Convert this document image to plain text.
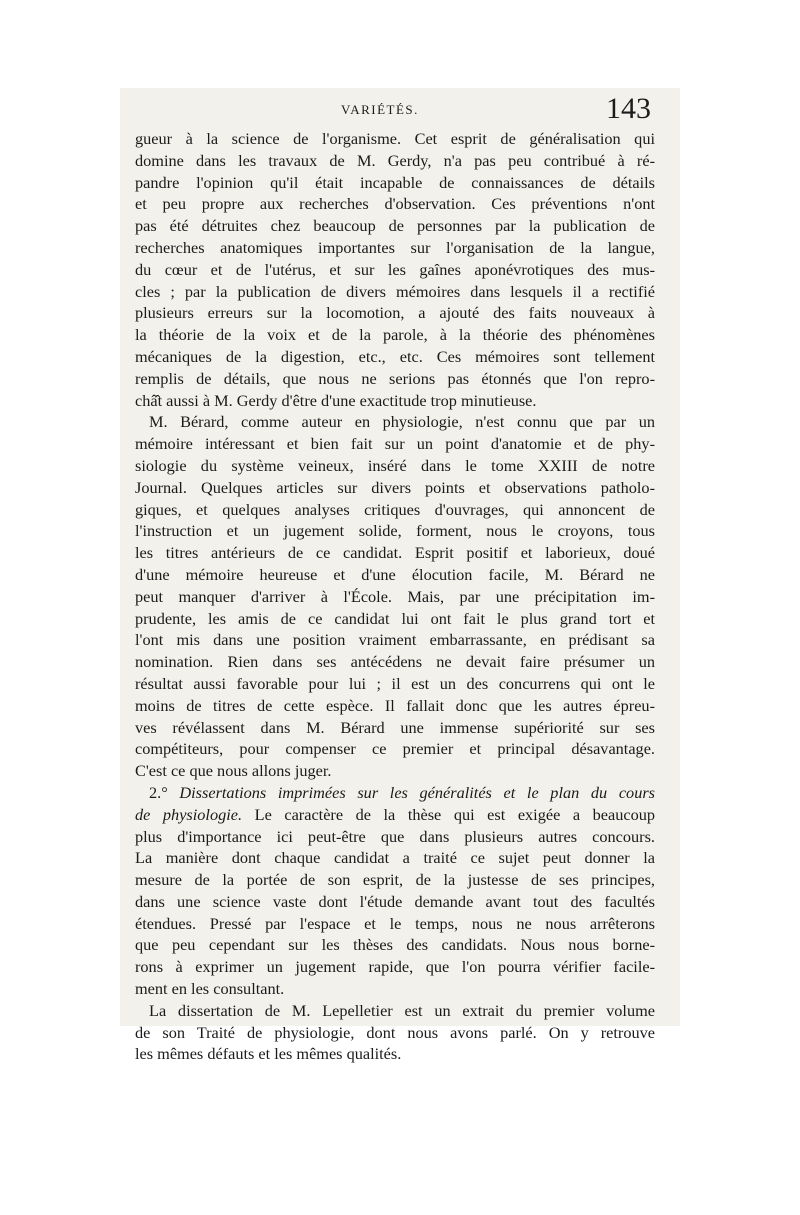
VARIÉTÉS.	143
gueur à la science de l'organisme. Cet esprit de généralisation qui
domine dans les travaux de M. Gerdy, n'a pas peu contribué à ré-
pandre l'opinion qu'il était incapable de connaissances de détails
et peu propre aux recherches d'observation. Ces préventions n'ont
pas été détruites chez beaucoup de personnes par la publication de
recherches anatomiques importantes sur l'organisation de la langue,
du cœur et de l'utérus, et sur les gaînes aponévrotiques des mus-
cles ; par la publication de divers mémoires dans lesquels il a rectifié
plusieurs erreurs sur la locomotion, a ajouté des faits nouveaux à
la théorie de la voix et de la parole, à la théorie des phénomènes
mécaniques de la digestion, etc., etc. Ces mémoires sont tellement
remplis de détails, que nous ne serions pas étonnés que l'on repro-
châ̂t aussi à M. Gerdy d'être d'une exactitude trop minutieuse.
M. Bérard, comme auteur en physiologie, n'est connu que par un
mémoire intéressant et bien fait sur un point d'anatomie et de phy-
siologie du système veineux, inséré dans le tome XXIII de notre
Journal. Quelques articles sur divers points et observations patholo-
giques, et quelques analyses critiques d'ouvrages, qui annoncent de
l'instruction et un jugement solide, forment, nous le croyons, tous
les titres antérieurs de ce candidat. Esprit positif et laborieux, doué
d'une mémoire heureuse et d'une élocution facile, M. Bérard ne
peut manquer d'arriver à l'École. Mais, par une précipitation im-
prudente, les amis de ce candidat lui ont fait le plus grand tort et
l'ont mis dans une position vraiment embarrassante, en prédisant sa
nomination. Rien dans ses antécédens ne devait faire présumer un
résultat aussi favorable pour lui ; il est un des concurrens qui ont le
moins de titres de cette espèce. Il fallait donc que les autres épreu-
ves révélassent dans M. Bérard une immense supériorité sur ses
compétiteurs, pour compenser ce premier et principal désavantage.
C'est ce que nous allons juger.
2.° Dissertations imprimées sur les généralités et le plan du cours
de physiologie. Le caractère de la thèse qui est exigée a beaucoup
plus d'importance ici peut-être que dans plusieurs autres concours.
La manière dont chaque candidat a traité ce sujet peut donner la
mesure de la portée de son esprit, de la justesse de ses principes,
dans une science vaste dont l'étude demande avant tout des facultés
étendues. Pressé par l'espace et le temps, nous ne nous arrêterons
que peu cependant sur les thèses des candidats. Nous nous borne-
rons à exprimer un jugement rapide, que l'on pourra vérifier facile-
ment en les consultant.
La dissertation de M. Lepelletier est un extrait du premier volume
de son Traité de physiologie, dont nous avons parlé. On y retrouve
les mêmes défauts et les mêmes qualités.
